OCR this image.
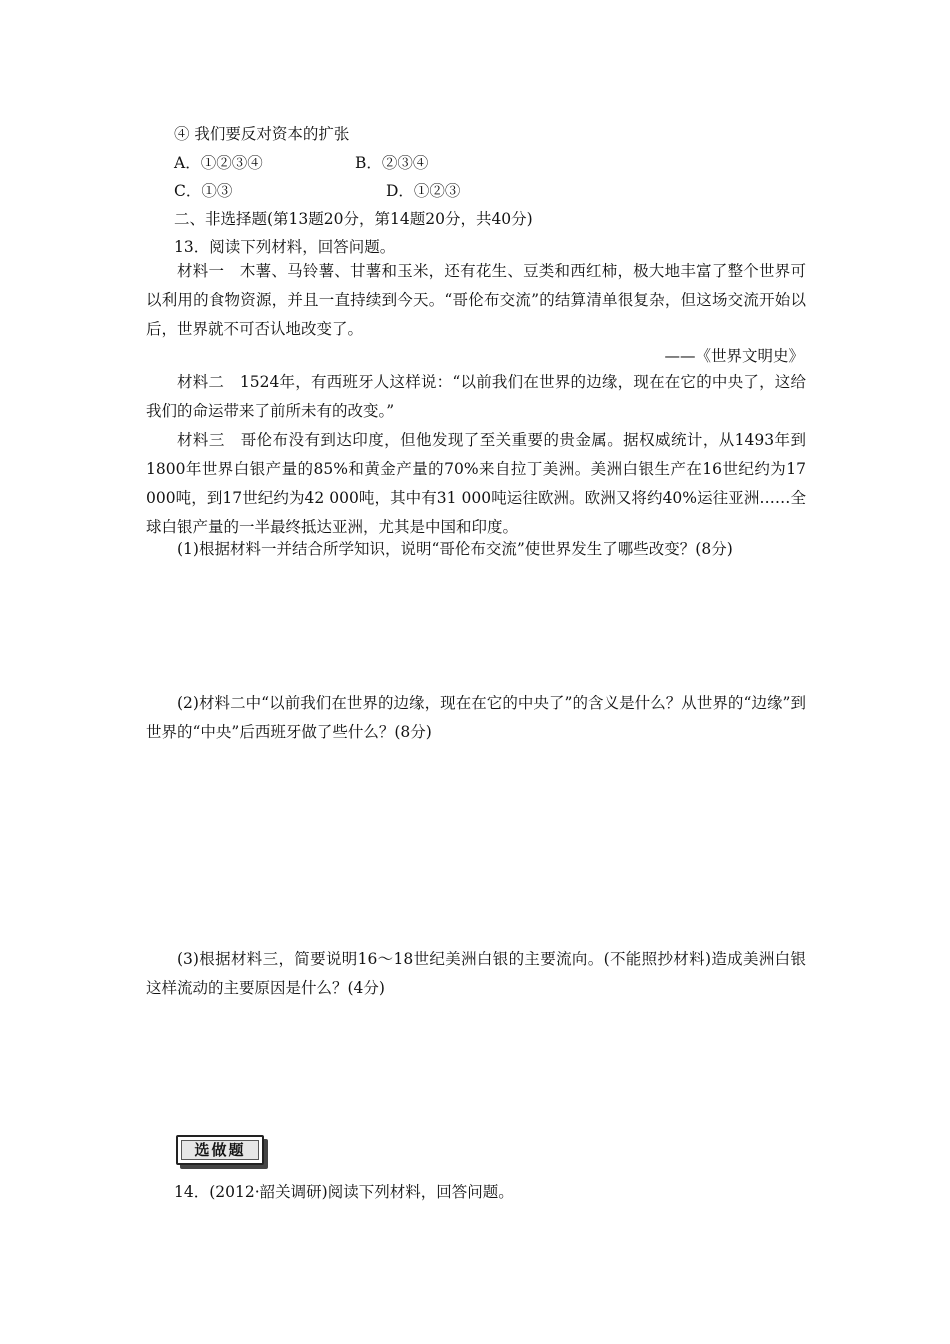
④ 我们要反对资本的扩张
A．①②③④	B．②③④
C．①③	D．①②③
二、非选择题(第13题20分，第14题20分，共40分)
13．阅读下列材料，回答问题。
材料一　木薯、马铃薯、甘薯和玉米，还有花生、豆类和西红柿，极大地丰富了整个世界可以利用的食物资源，并且一直持续到今天。“哥伦布交流”的结算清单很复杂，但这场交流开始以后，世界就不可否认地改变了。
——《世界文明史》
材料二　1524年，有西班牙人这样说：“以前我们在世界的边缘，现在在它的中央了，这给我们的命运带来了前所未有的改变。”
材料三　哥伦布没有到达印度，但他发现了至关重要的贵金属。据权威统计，从1493年到1800年世界白银产量的85%和黄金产量的70%来自拉丁美洲。美洲白银生产在16世纪约为17 000吨，到17世纪约为42 000吨，其中有31 000吨运往欧洲。欧洲又将约40%运往亚洲……全球白银产量的一半最终抵达亚洲，尤其是中国和印度。
(1)根据材料一并结合所学知识，说明“哥伦布交流”使世界发生了哪些改变？(8分)
(2)材料二中“以前我们在世界的边缘，现在在它的中央了”的含义是什么？从世界的“边缘”到世界的“中央”后西班牙做了些什么？(8分)
(3)根据材料三，简要说明16～18世纪美洲白银的主要流向。(不能照抄材料)造成美洲白银这样流动的主要原因是什么？(4分)
选做题
14．(2012·韶关调研)阅读下列材料，回答问题。
